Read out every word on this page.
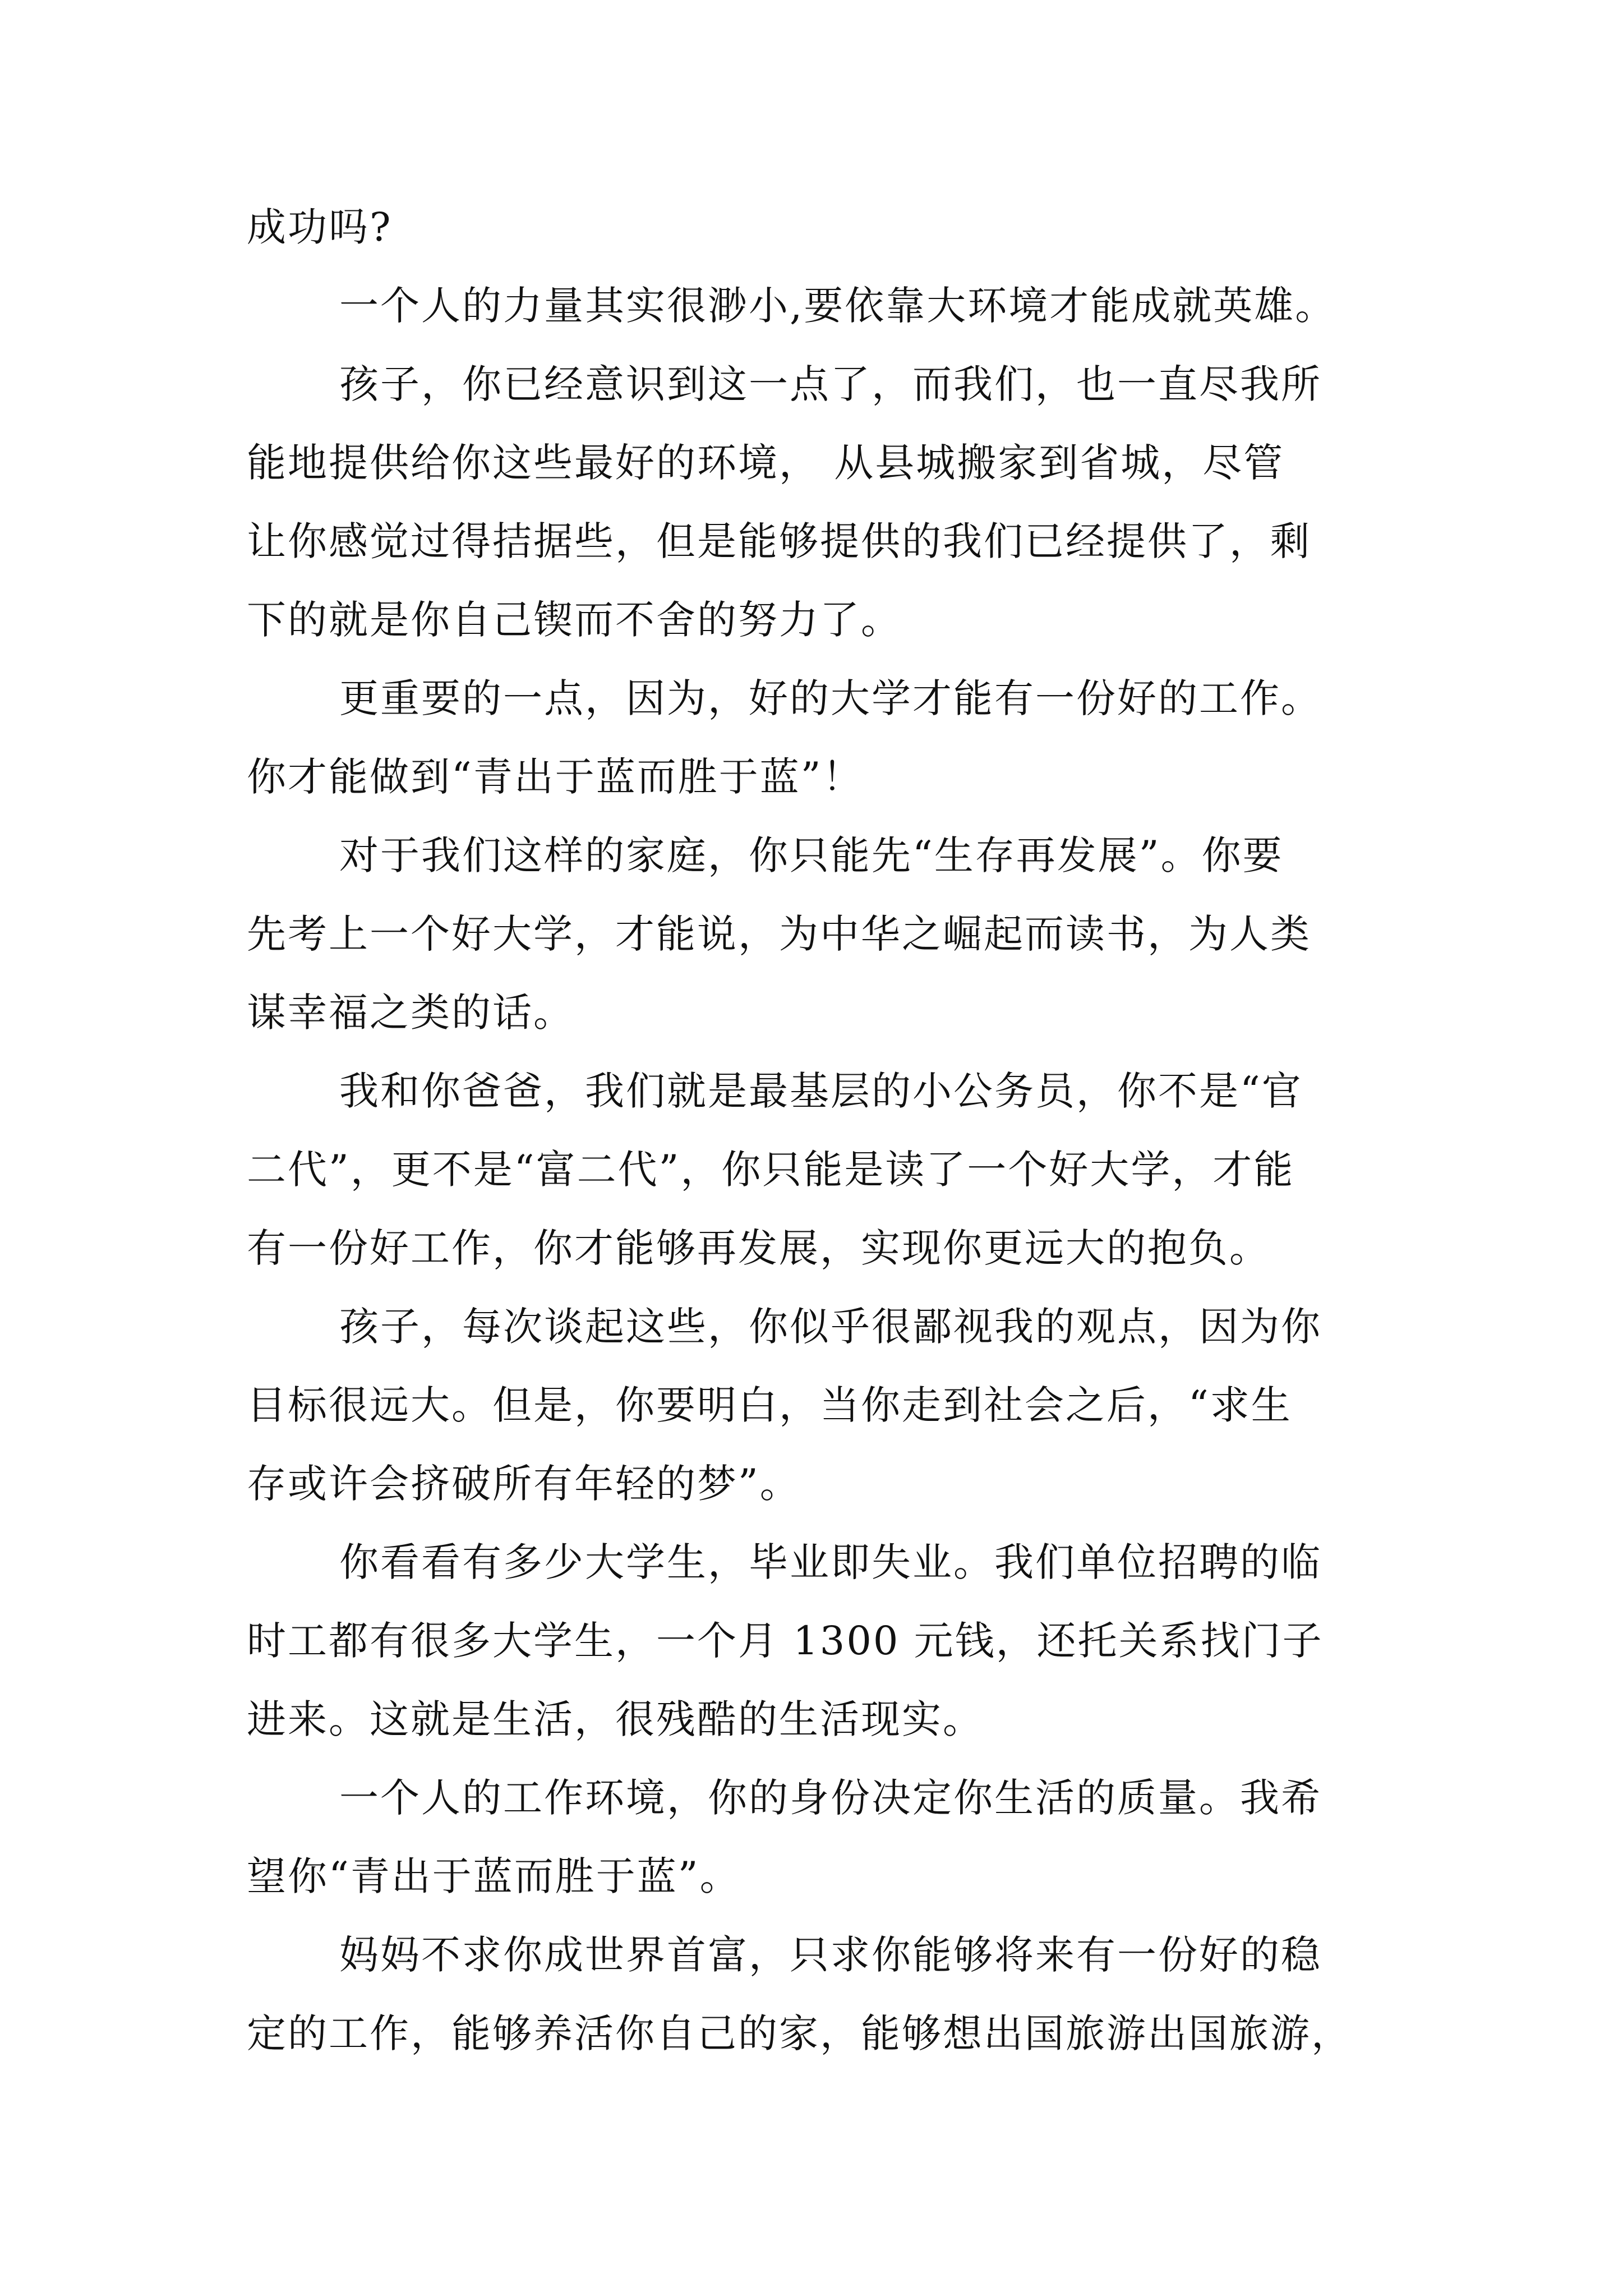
成功吗?
一个人的力量其实很渺小,要依靠大环境才能成就英雄。
孩子，你已经意识到这一点了，而我们，也一直尽我所
能地提供给你这些最好的环境， 从县城搬家到省城，尽管
让你感觉过得拮据些，但是能够提供的我们已经提供了，剩
下的就是你自己锲而不舍的努力了。
更重要的一点，因为，好的大学才能有一份好的工作。
你才能做到“青出于蓝而胜于蓝”！
对于我们这样的家庭，你只能先“生存再发展”。你要
先考上一个好大学，才能说，为中华之崛起而读书，为人类
谋幸福之类的话。
我和你爸爸，我们就是最基层的小公务员，你不是“官
二代”，更不是“富二代”，你只能是读了一个好大学，才能
有一份好工作，你才能够再发展，实现你更远大的抱负。
孩子，每次谈起这些，你似乎很鄙视我的观点，因为你
目标很远大。但是，你要明白，当你走到社会之后，“求生
存或许会挤破所有年轻的梦”。
你看看有多少大学生，毕业即失业。我们单位招聘的临
时工都有很多大学生，一个月 1300 元钱，还托关系找门子
进来。这就是生活，很残酷的生活现实。
一个人的工作环境，你的身份决定你生活的质量。我希
望你“青出于蓝而胜于蓝”。
妈妈不求你成世界首富，只求你能够将来有一份好的稳
定的工作，能够养活你自己的家，能够想出国旅游出国旅游，
